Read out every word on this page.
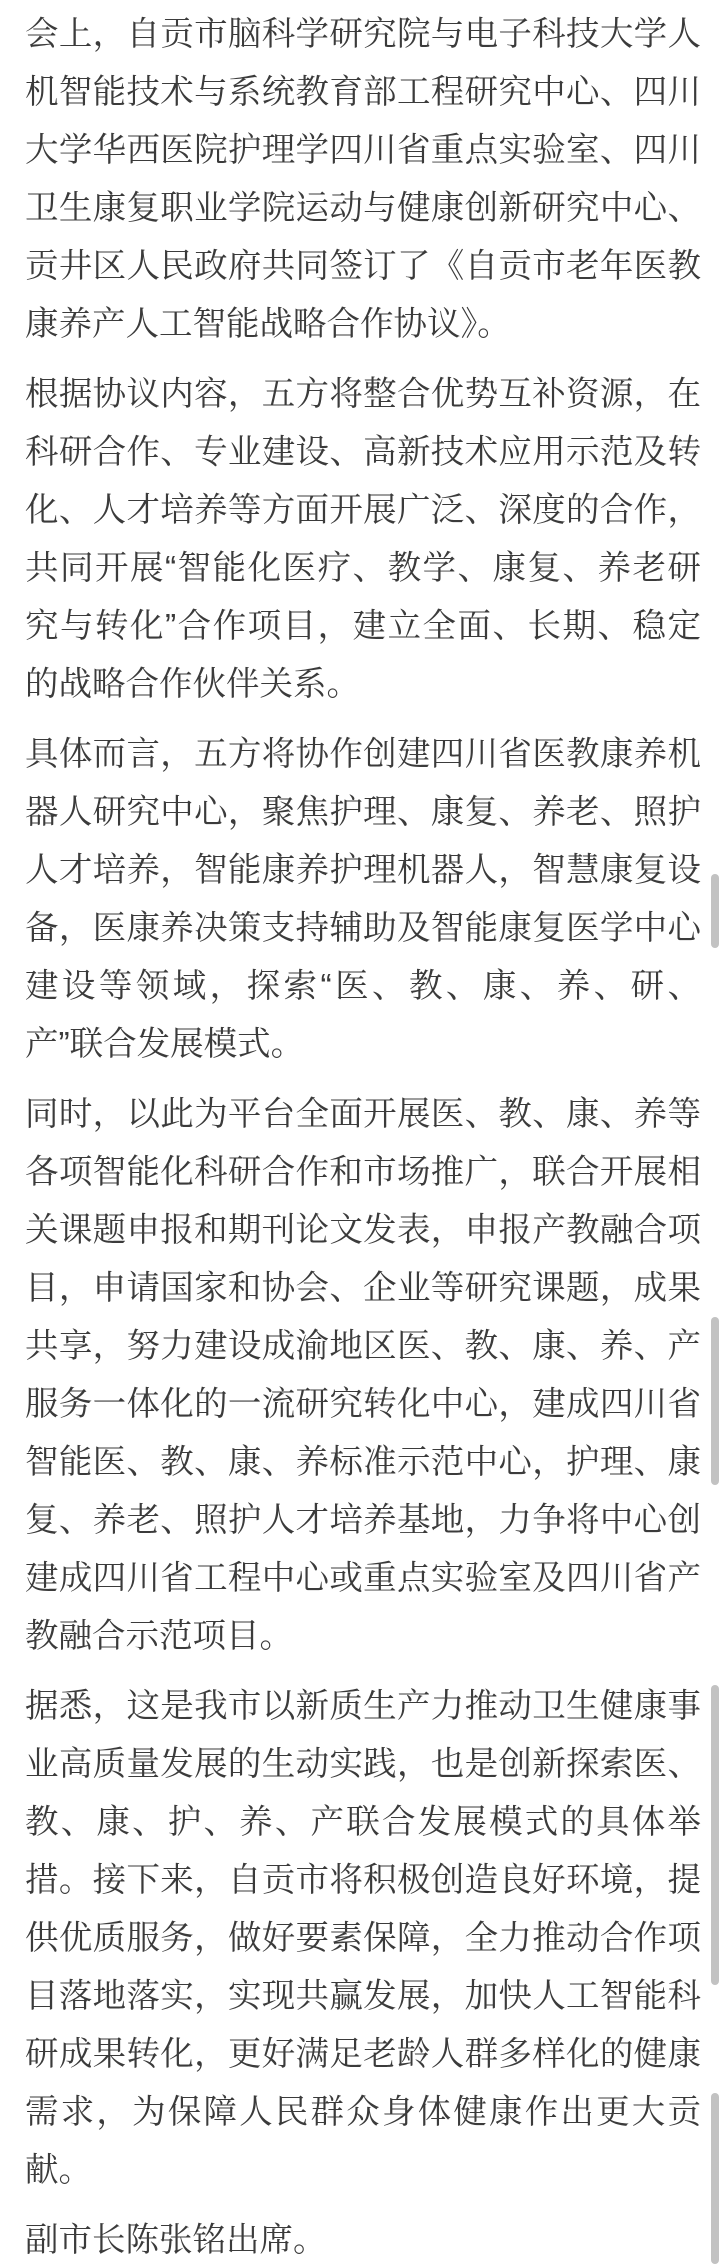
会上，自贡市脑科学研究院与电子科技大学人机智能技术与系统教育部工程研究中心、四川大学华西医院护理学四川省重点实验室、四川卫生康复职业学院运动与健康创新研究中心、贡井区人民政府共同签订了《自贡市老年医教康养产人工智能战略合作协议》。

根据协议内容，五方将整合优势互补资源，在科研合作、专业建设、高新技术应用示范及转化、人才培养等方面开展广泛、深度的合作，共同开展“智能化医疗、教学、康复、养老研究与转化”合作项目，建立全面、长期、稳定的战略合作伙伴关系。

具体而言，五方将协作创建四川省医教康养机器人研究中心，聚焦护理、康复、养老、照护人才培养，智能康养护理机器人，智慧康复设备，医康养决策支持辅助及智能康复医学中心建设等领域，探索“医、教、康、养、研、产”联合发展模式。

同时，以此为平台全面开展医、教、康、养等各项智能化科研合作和市场推广，联合开展相关课题申报和期刊论文发表，申报产教融合项目，申请国家和协会、企业等研究课题，成果共享，努力建设成渝地区医、教、康、养、产服务一体化的一流研究转化中心，建成四川省智能医、教、康、养标准示范中心，护理、康复、养老、照护人才培养基地，力争将中心创建成四川省工程中心或重点实验室及四川省产教融合示范项目。

据悉，这是我市以新质生产力推动卫生健康事业高质量发展的生动实践，也是创新探索医、教、康、护、养、产联合发展模式的具体举措。接下来，自贡市将积极创造良好环境，提供优质服务，做好要素保障，全力推动合作项目落地落实，实现共赢发展，加快人工智能科研成果转化，更好满足老龄人群多样化的健康需求，为保障人民群众身体健康作出更大贡献。

副市长陈张铭出席。
